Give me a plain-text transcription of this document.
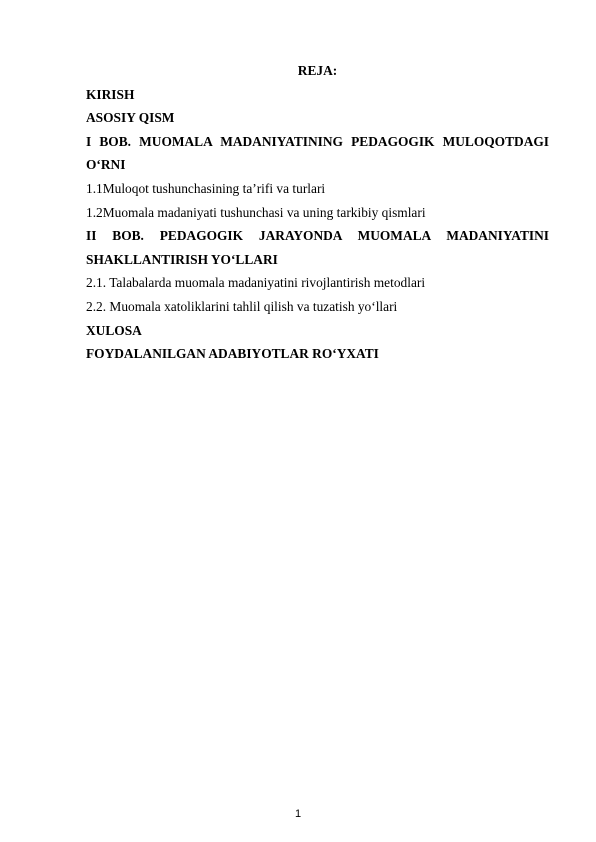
REJA:
KIRISH
ASOSIY QISM
I BOB. MUOMALA MADANIYATINING PEDAGOGIK MULOQOTDAGI O‘RNI
1.1Muloqot tushunchasining ta’rifi va turlari
1.2Muomala madaniyati tushunchasi va uning tarkibiy qismlari
II BOB. PEDAGOGIK JARAYONDA MUOMALA MADANIYATINI SHAKLLANTIRISH YO‘LLARI
2.1. Talabalarda muomala madaniyatini rivojlantirish metodlari
2.2. Muomala xatoliklarini tahlil qilish va tuzatish yo‘llari
XULOSA
FOYDALANILGAN ADABIYOTLAR RO‘YXATI
1
